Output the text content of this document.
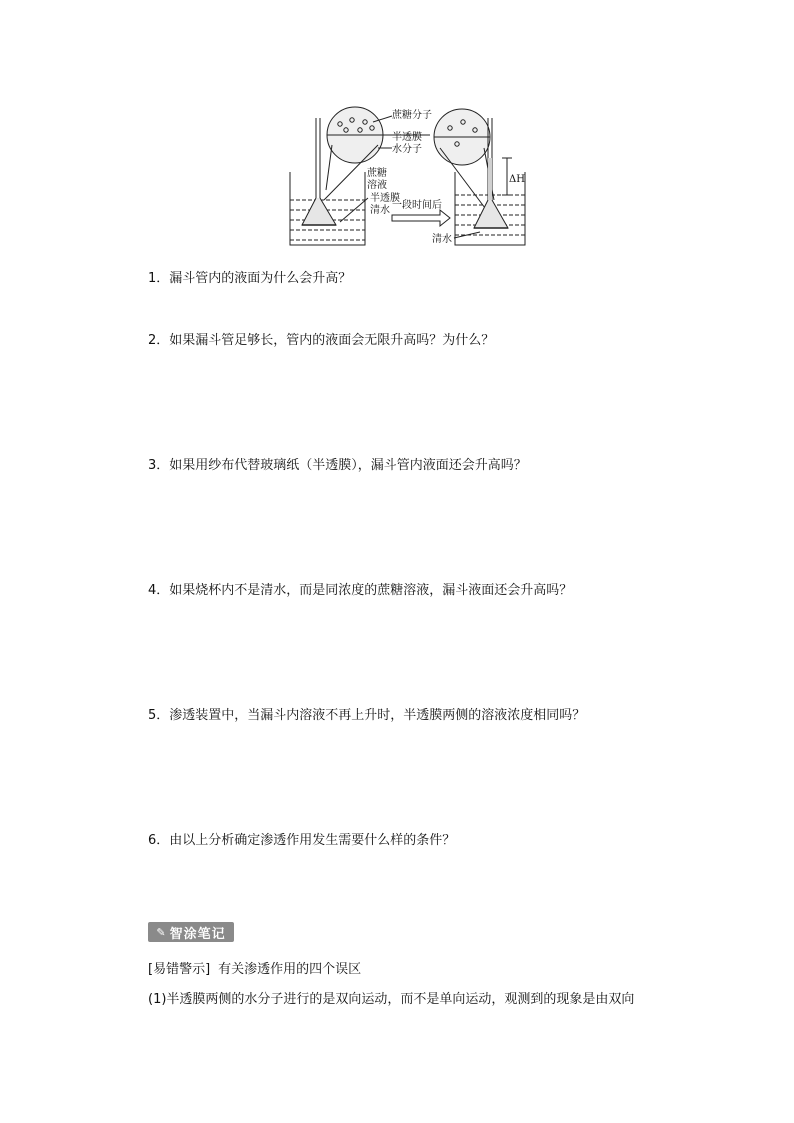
蔗糖
溶液
半透膜
清水
蔗糖分子
半透膜
水分子
一段时间后
ΔH
清水
1．漏斗管内的液面为什么会升高？
2．如果漏斗管足够长，管内的液面会无限升高吗？为什么？
3．如果用纱布代替玻璃纸（半透膜），漏斗管内液面还会升高吗？
4．如果烧杯内不是清水，而是同浓度的蔗糖溶液，漏斗液面还会升高吗？
5．渗透装置中，当漏斗内溶液不再上升时，半透膜两侧的溶液浓度相同吗？
6．由以上分析确定渗透作用发生需要什么样的条件？
✎ 智涂笔记
[易错警示] 有关渗透作用的四个误区
(1)半透膜两侧的水分子进行的是双向运动，而不是单向运动，观测到的现象是由双向
